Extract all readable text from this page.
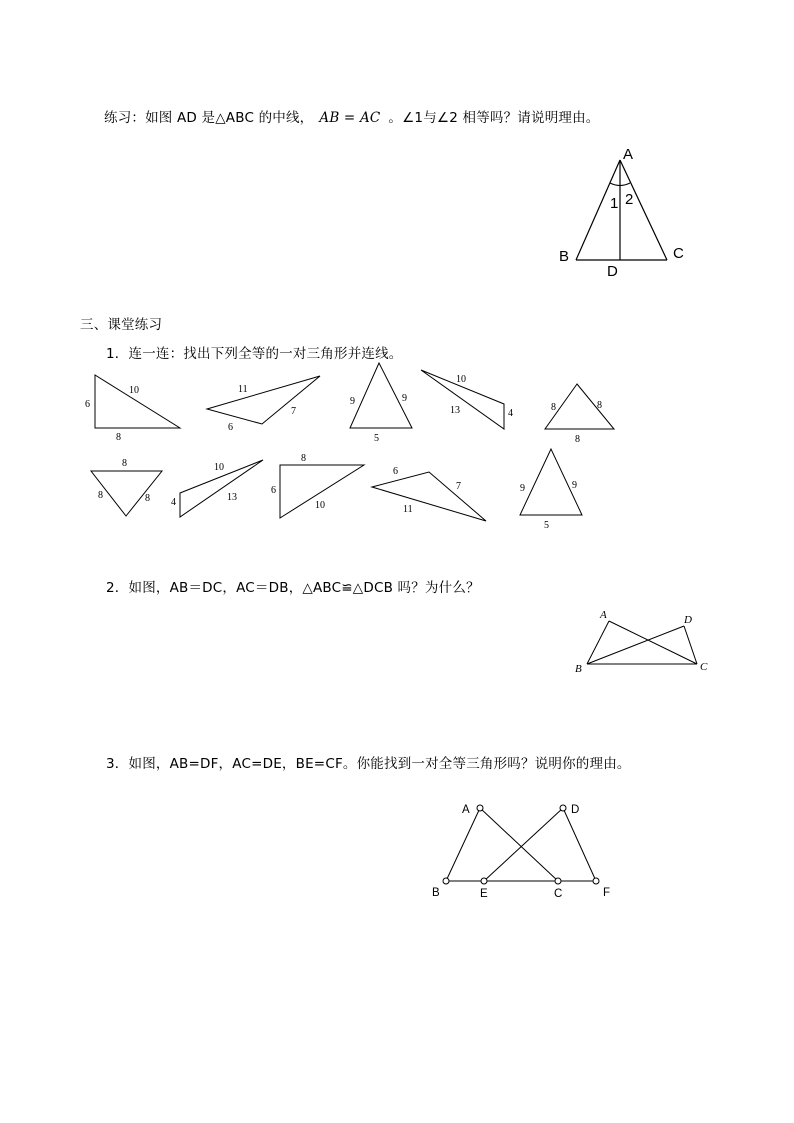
练习：如图 AD 是△ABC 的中线， AB = AC 。∠1与∠2 相等吗？请说明理由。
A
B	C
D
1 2
三、课堂练习
1．连一连：找出下列全等的一对三角形并连线。
10
6
8
11
7
6
9	9
5
10
13	4
8	8
8
8
8	8
10
4	13
8
6
10
6
7
11
9	9
5
2．如图，AB＝DC，AC＝DB，△ABC≌△DCB 吗？为什么？
A	D
B	C
3．如图，AB=DF，AC=DE，BE=CF。你能找到一对全等三角形吗？说明你的理由。
A	D
B	E	C	F
